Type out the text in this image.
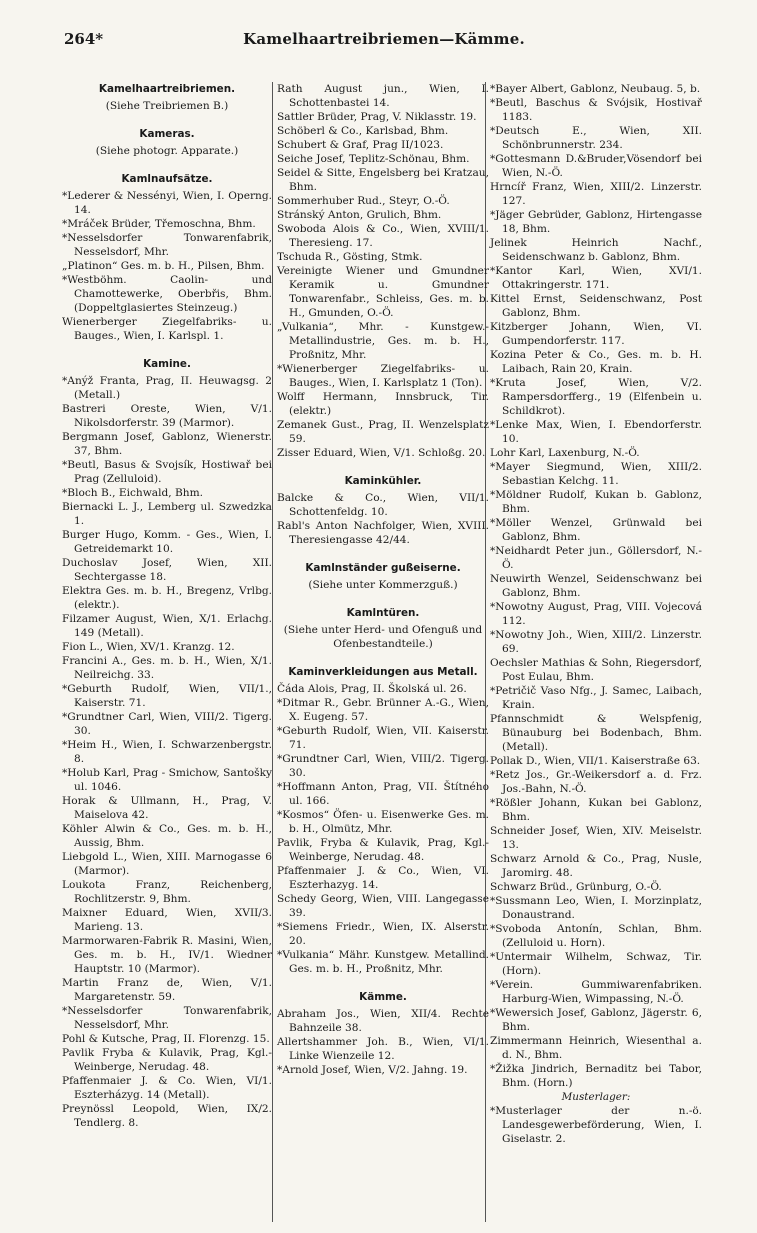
264*	Kamelhaartreibriemen—Kämme.
Kamelhaartreibriemen.
(Siehe Treibriemen B.)
Kameras.
(Siehe photogr. Apparate.)
Kamlnaufsätze.
*Lederer & Nessényi, Wien, I. Operng. 14.
*Mráček Brüder, Třemoschna, Bhm.
*Nesselsdorfer Tonwarenfabrik, Nesselsdorf, Mhr.
„Platinon“ Ges. m. b. H., Pilsen, Bhm.
*Westböhm. Caolin- und Chamottewerke, Oberbřis, Bhm. (Doppeltglasiertes Steinzeug.)
Wienerberger Ziegelfabriks- u. Bauges., Wien, I. Karlspl. 1.
Kamine.
*Anýž Franta, Prag, II. Heuwagsg. 2 (Metall.)
Bastreri Oreste, Wien, V/1. Nikolsdorferstr. 39 (Marmor).
Bergmann Josef, Gablonz, Wienerstr. 37, Bhm.
*Beutl, Basus & Svojsík, Hostiwař bei Prag (Zelluloid).
*Bloch B., Eichwald, Bhm.
Biernacki L. J., Lemberg ul. Szwedzka 1.
Burger Hugo, Komm. - Ges., Wien, I. Getreidemarkt 10.
Duchoslav Josef, Wien, XII. Sechtergasse 18.
Elektra Ges. m. b. H., Bregenz, Vrlbg. (elektr.).
Filzamer August, Wien, X/1. Erlachg. 149 (Metall).
Fion L., Wien, XV/1. Kranzg. 12.
Francini A., Ges. m. b. H., Wien, X/1. Neilreichg. 33.
*Geburth Rudolf, Wien, VII/1., Kaiserstr. 71.
*Grundtner Carl, Wien, VIII/2. Tigerg. 30.
*Heim H., Wien, I. Schwarzenbergstr. 8.
*Holub Karl, Prag - Smichow, Santošky ul. 1046.
Horak & Ullmann, H., Prag, V. Maiselova 42.
Köhler Alwin & Co., Ges. m. b. H., Aussig, Bhm.
Liebgold L., Wien, XIII. Marnogasse 6 (Marmor).
Loukota Franz, Reichenberg, Rochlitzerstr. 9, Bhm.
Maixner Eduard, Wien, XVII/3. Marieng. 13.
Marmorwaren-Fabrik R. Masini, Wien, Ges. m. b. H., IV/1. Wiedner Hauptstr. 10 (Marmor).
Martin Franz de, Wien, V/1. Margaretenstr. 59.
*Nesselsdorfer Tonwarenfabrik, Nesselsdorf, Mhr.
Pohl & Kutsche, Prag, II. Florenzg. 15.
Pavlik Fryba & Kulavik, Prag, Kgl.-Weinberge, Nerudag. 48.
Pfaffenmaier J. & Co. Wien, VI/1. Eszterházyg. 14 (Metall).
Preynössl Leopold, Wien, IX/2. Tendlerg. 8.
Rath August jun., Wien, I. Schottenbastei 14.
Sattler Brüder, Prag, V. Niklasstr. 19.
Schöberl & Co., Karlsbad, Bhm.
Schubert & Graf, Prag II/1023.
Seiche Josef, Teplitz-Schönau, Bhm.
Seidel & Sitte, Engelsberg bei Kratzau, Bhm.
Sommerhuber Rud., Steyr, O.-Ö.
Stránský Anton, Grulich, Bhm.
Swoboda Alois & Co., Wien, XVIII/1. Theresieng. 17.
Tschuda R., Gösting, Stmk.
Vereinigte Wiener und Gmundner Keramik u. Gmundner Tonwarenfabr., Schleiss, Ges. m. b. H., Gmunden, O.-Ö.
„Vulkania“, Mhr. - Kunstgew.-Metallindustrie, Ges. m. b. H., Proßnitz, Mhr.
*Wienerberger Ziegelfabriks- u. Bauges., Wien, I. Karlsplatz 1 (Ton).
Wolff Hermann, Innsbruck, Tir. (elektr.)
Zemanek Gust., Prag, II. Wenzelsplatz 59.
Zisser Eduard, Wien, V/1. Schloßg. 20.
Kaminkühler.
Balcke & Co., Wien, VII/1. Schottenfeldg. 10.
Rabl's Anton Nachfolger, Wien, XVIII. Theresiengasse 42/44.
Kamlnständer gußeiserne.
(Siehe unter Kommerzguß.)
Kamlntüren.
(Siehe unter Herd- und Ofenguß und Ofenbestandteile.)
Kaminverkleidungen aus Metall.
Čáda Alois, Prag, II. Školská ul. 26.
*Ditmar R., Gebr. Brünner A.-G., Wien, X. Eugeng. 57.
*Geburth Rudolf, Wien, VII. Kaiserstr. 71.
*Grundtner Carl, Wien, VIII/2. Tigerg. 30.
*Hoffmann Anton, Prag, VII. Štítného ul. 166.
*Kosmos“ Öfen- u. Eisenwerke Ges. m. b. H., Olmütz, Mhr.
Pavlik, Fryba & Kulavik, Prag, Kgl.-Weinberge, Nerudag. 48.
Pfaffenmaier J. & Co., Wien, VI. Eszterhazyg. 14.
Schedy Georg, Wien, VIII. Langegasse 39.
*Siemens Friedr., Wien, IX. Alserstr. 20.
*Vulkania“ Mähr. Kunstgew. Metallind. Ges. m. b. H., Proßnitz, Mhr.
Kämme.
Abraham Jos., Wien, XII/4. Rechte Bahnzeile 38.
Allertshammer Joh. B., Wien, VI/1. Linke Wienzeile 12.
*Arnold Josef, Wien, V/2. Jahng. 19.
*Bayer Albert, Gablonz, Neubaug. 5, b.
*Beutl, Baschus & Svójsik, Hostivař 1183.
*Deutsch E., Wien, XII. Schönbrunnerstr. 234.
*Gottesmann D.&Bruder,Vösendorf bei Wien, N.-Ö.
Hrncíř Franz, Wien, XIII/2. Linzerstr. 127.
*Jäger Gebrüder, Gablonz, Hirtengasse 18, Bhm.
Jelinek Heinrich Nachf., Seidenschwanz b. Gablonz, Bhm.
*Kantor Karl, Wien, XVI/1. Ottakringerstr. 171.
Kittel Ernst, Seidenschwanz, Post Gablonz, Bhm.
Kitzberger Johann, Wien, VI. Gumpendorferstr. 117.
Kozina Peter & Co., Ges. m. b. H. Laibach, Rain 20, Krain.
*Kruta Josef, Wien, V/2. Rampersdorfferg., 19 (Elfenbein u. Schildkrot).
*Lenke Max, Wien, I. Ebendorferstr. 10.
Lohr Karl, Laxenburg, N.-Ö.
*Mayer Siegmund, Wien, XIII/2. Sebastian Kelchg. 11.
*Möldner Rudolf, Kukan b. Gablonz, Bhm.
*Möller Wenzel, Grünwald bei Gablonz, Bhm.
*Neidhardt Peter jun., Göllersdorf, N.-Ö.
Neuwirth Wenzel, Seidenschwanz bei Gablonz, Bhm.
*Nowotny August, Prag, VIII. Vojecová 112.
*Nowotny Joh., Wien, XIII/2. Linzerstr. 69.
Oechsler Mathias & Sohn, Riegersdorf, Post Eulau, Bhm.
*Petričič Vaso Nfg., J. Samec, Laibach, Krain.
Pfannschmidt & Welspfenig, Bünauburg bei Bodenbach, Bhm. (Metall).
Pollak D., Wien, VII/1. Kaiserstraße 63.
*Retz Jos., Gr.-Weikersdorf a. d. Frz. Jos.-Bahn, N.-Ö.
*Rößler Johann, Kukan bei Gablonz, Bhm.
Schneider Josef, Wien, XIV. Meiselstr. 13.
Schwarz Arnold & Co., Prag, Nusle, Jaromirg. 48.
Schwarz Brüd., Grünburg, O.-Ö.
*Sussmann Leo, Wien, I. Morzinplatz, Donaustrand.
*Svoboda Antonín, Schlan, Bhm. (Zelluloid u. Horn).
*Untermair Wilhelm, Schwaz, Tir. (Horn).
*Verein. Gummiwarenfabriken. Harburg-Wien, Wimpassing, N.-Ö.
*Wewersich Josef, Gablonz, Jägerstr. 6, Bhm.
Zimmermann Heinrich, Wiesenthal a. d. N., Bhm.
*Žižka Jindrich, Bernaditz bei Tabor, Bhm. (Horn.)
Musterlager:
*Musterlager der n.-ö. Landesgewerbeförderung, Wien, I. Giselastr. 2.
